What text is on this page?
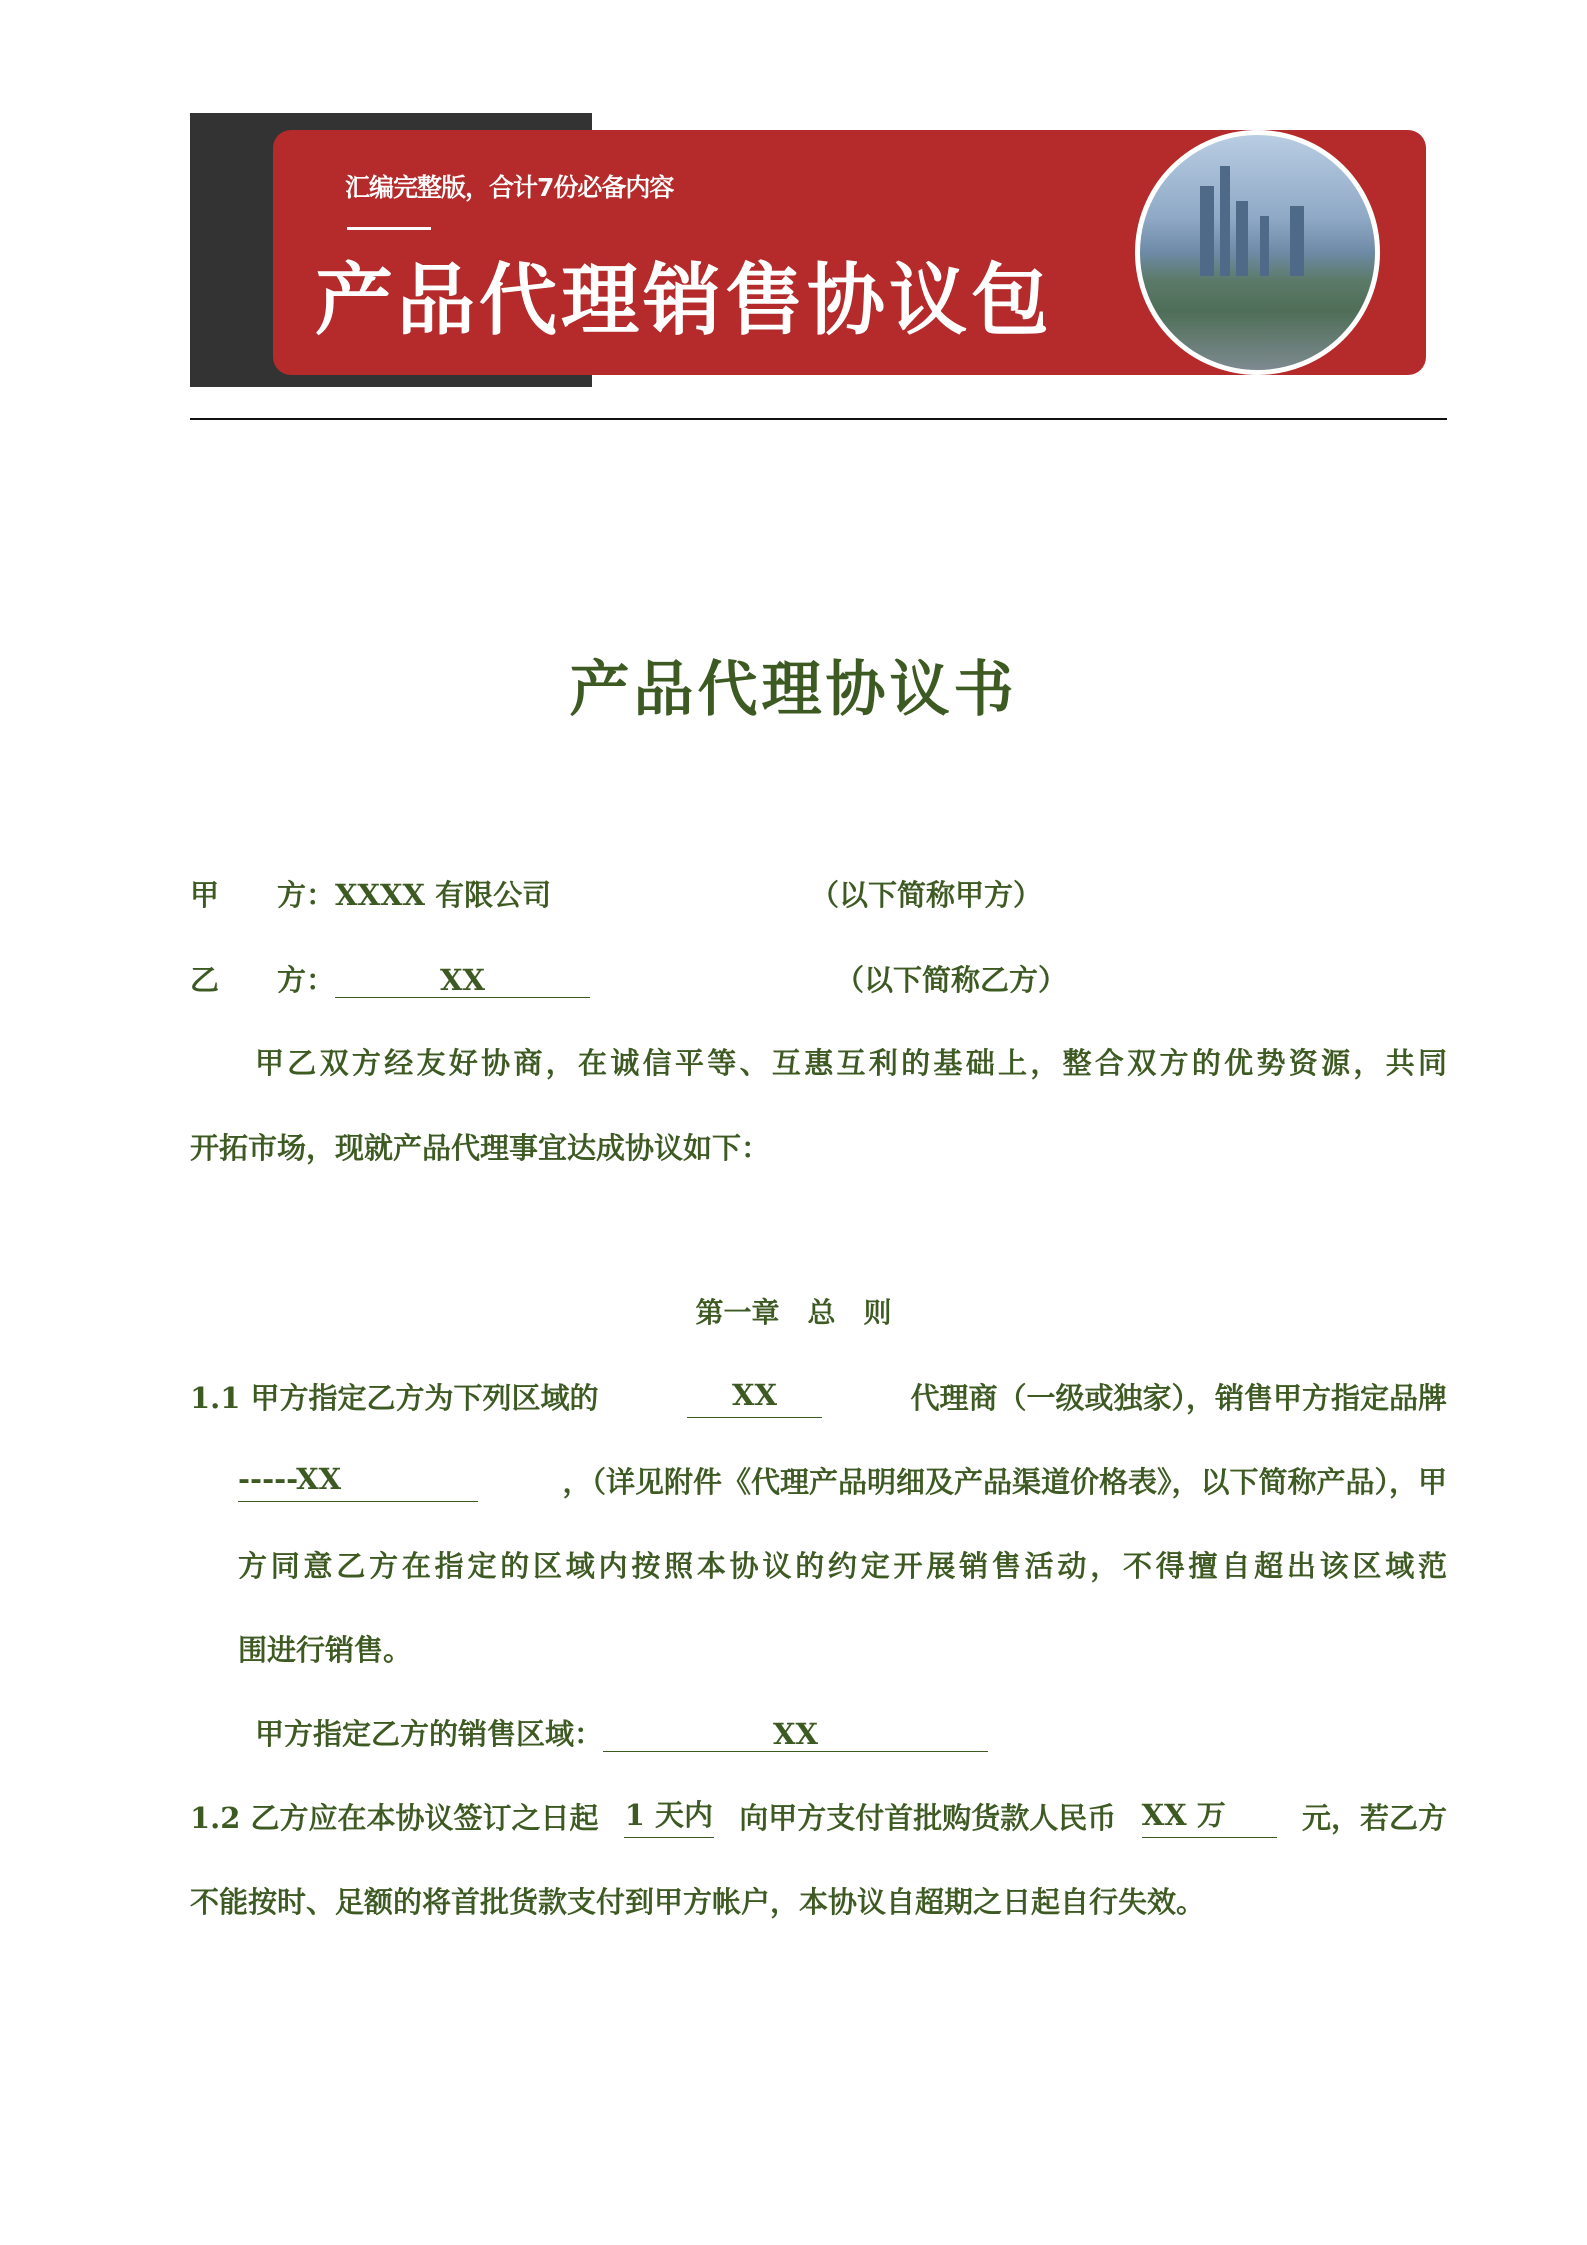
汇编完整版，合计7份必备内容
产品代理销售协议包
产品代理协议书
甲　　方：XXXX 有限公司	（以下简称甲方）
乙　　方：	XX	（以下简称乙方）
甲乙双方经友好协商，在诚信平等、互惠互利的基础上，整合双方的优势资源，共同
开拓市场，现就产品代理事宜达成协议如下：
第一章　总　则
1.1 甲方指定乙方为下列区域的	XX	代理商（一级或独家），销售甲方指定品牌
-----XX	，（详见附件《代理产品明细及产品渠道价格表》，以下简称产品），甲
方同意乙方在指定的区域内按照本协议的约定开展销售活动，不得擅自超出该区域范
围进行销售。
甲方指定乙方的销售区域：	XX
1.2 乙方应在本协议签订之日起 1 天内 向甲方支付首批购货款人民币 XX 万	元，若乙方
不能按时、足额的将首批货款支付到甲方帐户，本协议自超期之日起自行失效。
